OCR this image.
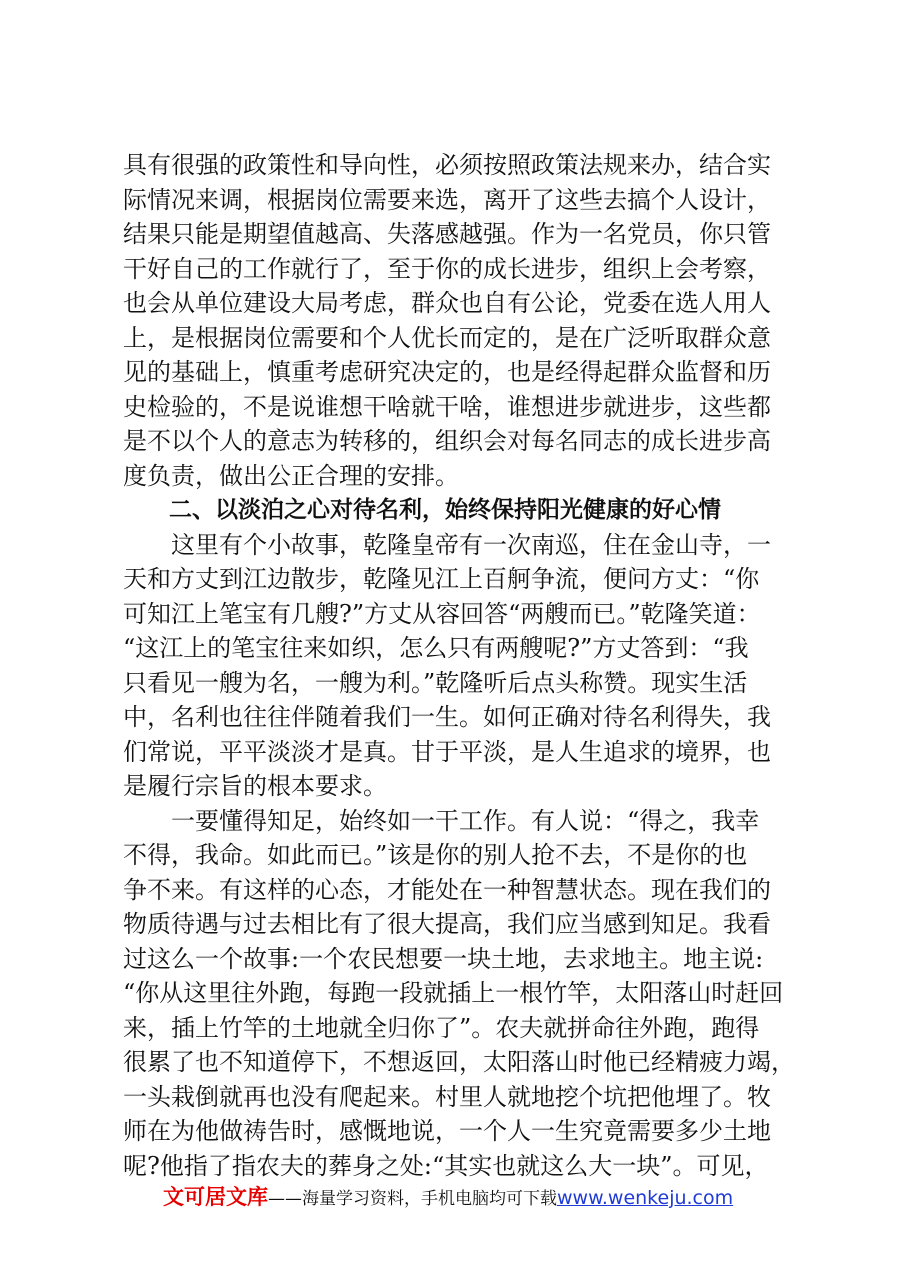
具有很强的政策性和导向性，必须按照政策法规来办，结合实
际情况来调，根据岗位需要来选，离开了这些去搞个人设计，
结果只能是期望值越高、失落感越强。作为一名党员，你只管
干好自己的工作就行了，至于你的成长进步，组织上会考察，
也会从单位建设大局考虑，群众也自有公论，党委在选人用人
上，是根据岗位需要和个人优长而定的，是在广泛听取群众意
见的基础上，慎重考虑研究决定的，也是经得起群众监督和历
史检验的，不是说谁想干啥就干啥，谁想进步就进步，这些都
是不以个人的意志为转移的，组织会对每名同志的成长进步高
度负责，做出公正合理的安排。
　　二、以淡泊之心对待名利，始终保持阳光健康的好心情
　　这里有个小故事，乾隆皇帝有一次南巡，住在金山寺，一
天和方丈到江边散步，乾隆见江上百舸争流，便问方丈：“你
可知江上笔宝有几艘?”方丈从容回答“两艘而已。”乾隆笑道：
“这江上的笔宝往来如织，怎么只有两艘呢?”方丈答到：“我
只看见一艘为名，一艘为利。”乾隆听后点头称赞。现实生活
中，名利也往往伴随着我们一生。如何正确对待名利得失，我
们常说，平平淡淡才是真。甘于平淡，是人生追求的境界，也
是履行宗旨的根本要求。
　　一要懂得知足，始终如一干工作。有人说：“得之，我幸
不得，我命。如此而已。”该是你的别人抢不去，不是你的也
争不来。有这样的心态，才能处在一种智慧状态。现在我们的
物质待遇与过去相比有了很大提高，我们应当感到知足。我看
过这么一个故事:一个农民想要一块土地，去求地主。地主说:
“你从这里往外跑，每跑一段就插上一根竹竿，太阳落山时赶回
来，插上竹竿的土地就全归你了”。农夫就拼命往外跑，跑得
很累了也不知道停下，不想返回，太阳落山时他已经精疲力竭，
一头栽倒就再也没有爬起来。村里人就地挖个坑把他埋了。牧
师在为他做祷告时，感慨地说，一个人一生究竟需要多少土地
呢?他指了指农夫的葬身之处:“其实也就这么大一块”。可见，
文可居文库——海量学习资料，手机电脑均可下载www.wenkeju.com
